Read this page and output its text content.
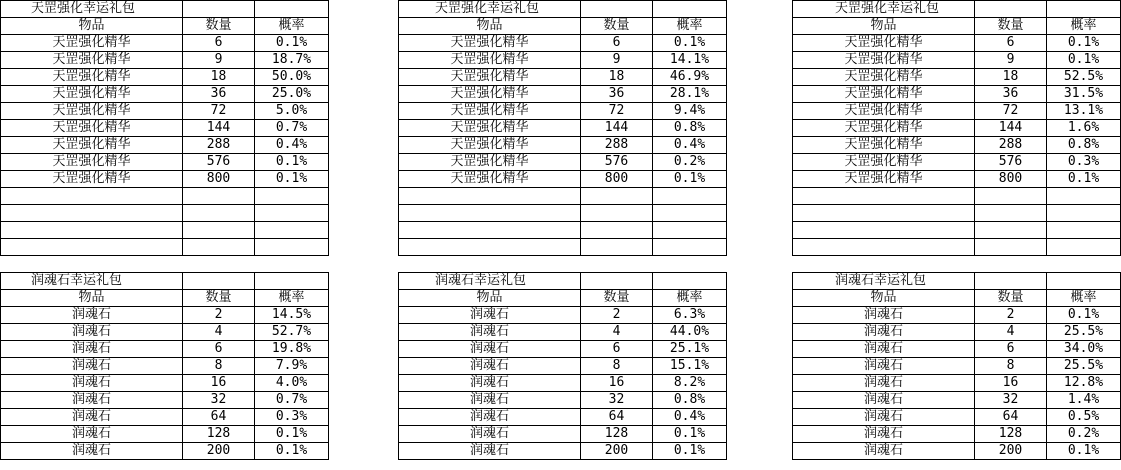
天罡强化幸运礼包
物品	数量	概率
天罡强化精华	6	0.1%
天罡强化精华	9	18.7%
天罡强化精华	18	50.0%
天罡强化精华	36	25.0%
天罡强化精华	72	5.0%
天罡强化精华	144	0.7%
天罡强化精华	288	0.4%
天罡强化精华	576	0.1%
天罡强化精华	800	0.1%
润魂石幸运礼包
物品	数量	概率
润魂石	2	14.5%
润魂石	4	52.7%
润魂石	6	19.8%
润魂石	8	7.9%
润魂石	16	4.0%
润魂石	32	0.7%
润魂石	64	0.3%
润魂石	128	0.1%
润魂石	200	0.1%
天罡强化幸运礼包
物品	数量	概率
天罡强化精华	6	0.1%
天罡强化精华	9	14.1%
天罡强化精华	18	46.9%
天罡强化精华	36	28.1%
天罡强化精华	72	9.4%
天罡强化精华	144	0.8%
天罡强化精华	288	0.4%
天罡强化精华	576	0.2%
天罡强化精华	800	0.1%
润魂石幸运礼包
物品	数量	概率
润魂石	2	6.3%
润魂石	4	44.0%
润魂石	6	25.1%
润魂石	8	15.1%
润魂石	16	8.2%
润魂石	32	0.8%
润魂石	64	0.4%
润魂石	128	0.1%
润魂石	200	0.1%
天罡强化幸运礼包
物品	数量	概率
天罡强化精华	6	0.1%
天罡强化精华	9	0.1%
天罡强化精华	18	52.5%
天罡强化精华	36	31.5%
天罡强化精华	72	13.1%
天罡强化精华	144	1.6%
天罡强化精华	288	0.8%
天罡强化精华	576	0.3%
天罡强化精华	800	0.1%
润魂石幸运礼包
物品	数量	概率
润魂石	2	0.1%
润魂石	4	25.5%
润魂石	6	34.0%
润魂石	8	25.5%
润魂石	16	12.8%
润魂石	32	1.4%
润魂石	64	0.5%
润魂石	128	0.2%
润魂石	200	0.1%
